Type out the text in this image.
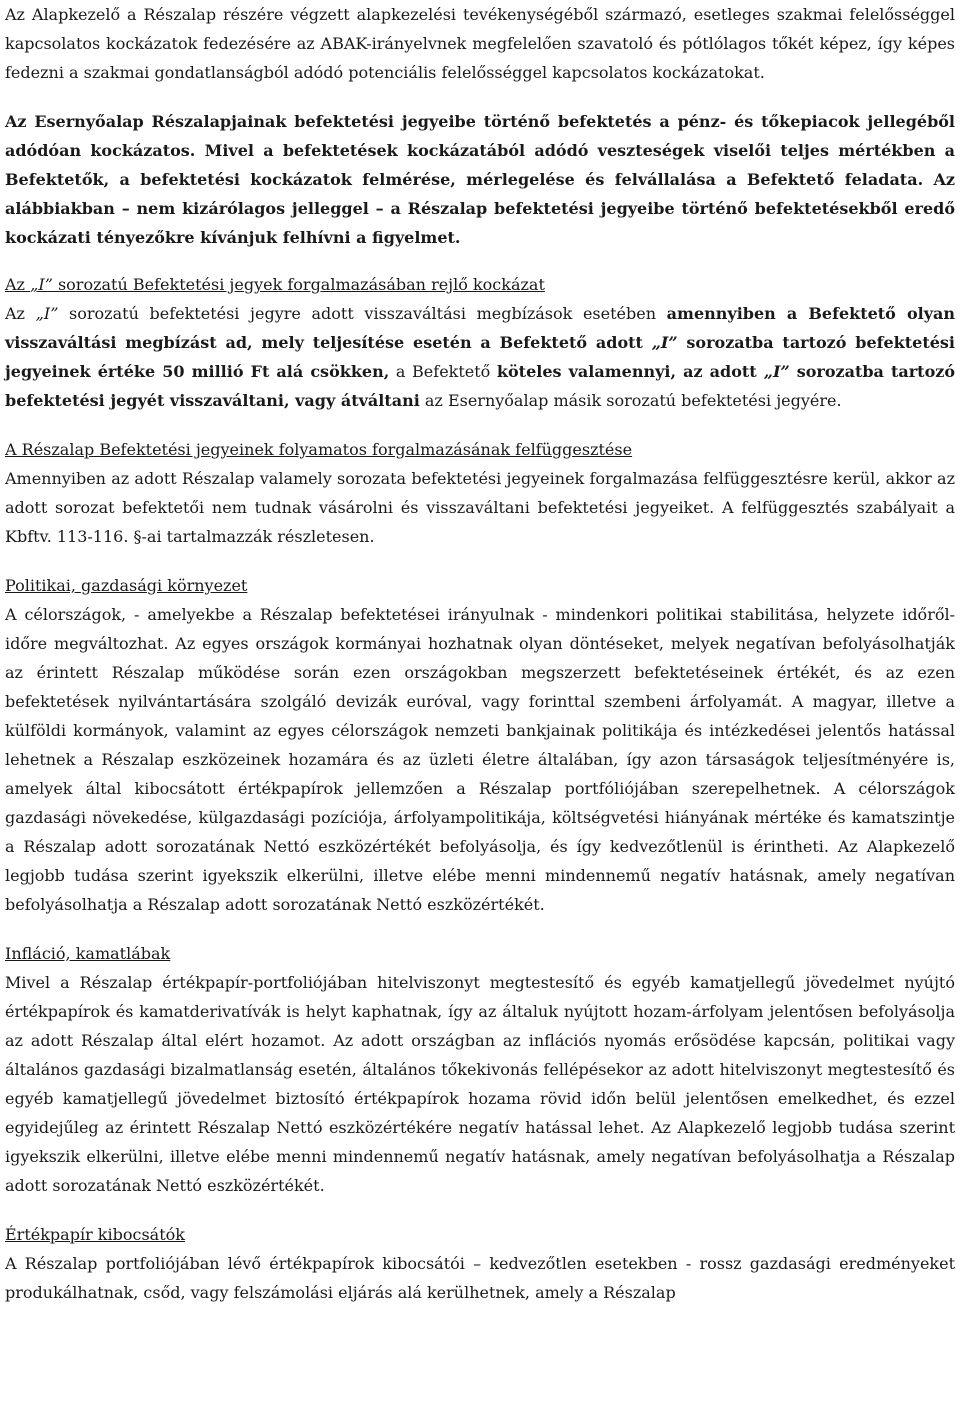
Az Alapkezelő a Részalap részére végzett alapkezelési tevékenységéből származó, esetleges szakmai felelősséggel kapcsolatos kockázatok fedezésére az ABAK-irányelvnek megfelelően szavatoló és pótlólagos tőkét képez, így képes fedezni a szakmai gondatlanságból adódó potenciális felelősséggel kapcsolatos kockázatokat.

Az Esernyőalap Részalapjainak befektetési jegyeibe történő befektetés a pénz- és tőkepiacok jellegéből adódóan kockázatos. Mivel a befektetések kockázatából adódó veszteségek viselői teljes mértékben a Befektetők, a befektetési kockázatok felmérése, mérlegelése és felvállalása a Befektető feladata. Az alábbiakban – nem kizárólagos jelleggel – a Részalap befektetési jegyeibe történő befektetésekből eredő kockázati tényezőkre kívánjuk felhívni a figyelmet.

Az „I” sorozatú Befektetési jegyek forgalmazásában rejlő kockázat

Az „I” sorozatú befektetési jegyre adott visszaváltási megbízások esetében amennyiben a Befektető olyan visszaváltási megbízást ad, mely teljesítése esetén a Befektető adott „I” sorozatba tartozó befektetési jegyeinek értéke 50 millió Ft alá csökken, a Befektető köteles valamennyi, az adott „I” sorozatba tartozó befektetési jegyét visszaváltani, vagy átváltani az Esernyőalap másik sorozatú befektetési jegyére.

A Részalap Befektetési jegyeinek folyamatos forgalmazásának felfüggesztése

Amennyiben az adott Részalap valamely sorozata befektetési jegyeinek forgalmazása felfüggesztésre kerül, akkor az adott sorozat befektetői nem tudnak vásárolni és visszaváltani befektetési jegyeiket. A felfüggesztés szabályait a Kbftv. 113-116. §-ai tartalmazzák részletesen.

Politikai, gazdasági környezet

A célországok, - amelyekbe a Részalap befektetései irányulnak - mindenkori politikai stabilitása, helyzete időről-időre megváltozhat. Az egyes országok kormányai hozhatnak olyan döntéseket, melyek negatívan befolyásolhatják az érintett Részalap működése során ezen országokban megszerzett befektetéseinek értékét, és az ezen befektetések nyilvántartására szolgáló devizák euróval, vagy forinttal szembeni árfolyamát. A magyar, illetve a külföldi kormányok, valamint az egyes célországok nemzeti bankjainak politikája és intézkedései jelentős hatással lehetnek a Részalap eszközeinek hozamára és az üzleti életre általában, így azon társaságok teljesítményére is, amelyek által kibocsátott értékpapírok jellemzően a Részalap portfóliójában szerepelhetnek. A célországok gazdasági növekedése, külgazdasági pozíciója, árfolyampolitikája, költségvetési hiányának mértéke és kamatszintje a Részalap adott sorozatának Nettó eszközértékét befolyásolja, és így kedvezőtlenül is érintheti. Az Alapkezelő legjobb tudása szerint igyekszik elkerülni, illetve elébe menni mindennemű negatív hatásnak, amely negatívan befolyásolhatja a Részalap adott sorozatának Nettó eszközértékét.

Infláció, kamatlábak

Mivel a Részalap értékpapír-portfoliójában hitelviszonyt megtestesítő és egyéb kamatjellegű jövedelmet nyújtó értékpapírok és kamatderivatívák is helyt kaphatnak, így az általuk nyújtott hozam-árfolyam jelentősen befolyásolja az adott Részalap által elért hozamot. Az adott országban az inflációs nyomás erősödése kapcsán, politikai vagy általános gazdasági bizalmatlanság esetén, általános tőkekivonás fellépésekor az adott hitelviszonyt megtestesítő és egyéb kamatjellegű jövedelmet biztosító értékpapírok hozama rövid időn belül jelentősen emelkedhet, és ezzel egyidejűleg az érintett Részalap Nettó eszközértékére negatív hatással lehet. Az Alapkezelő legjobb tudása szerint igyekszik elkerülni, illetve elébe menni mindennemű negatív hatásnak, amely negatívan befolyásolhatja a Részalap adott sorozatának Nettó eszközértékét.

Értékpapír kibocsátók

A Részalap portfoliójában lévő értékpapírok kibocsátói – kedvezőtlen esetekben - rossz gazdasági eredményeket produkálhatnak, csőd, vagy felszámolási eljárás alá kerülhetnek, amely a Részalap
